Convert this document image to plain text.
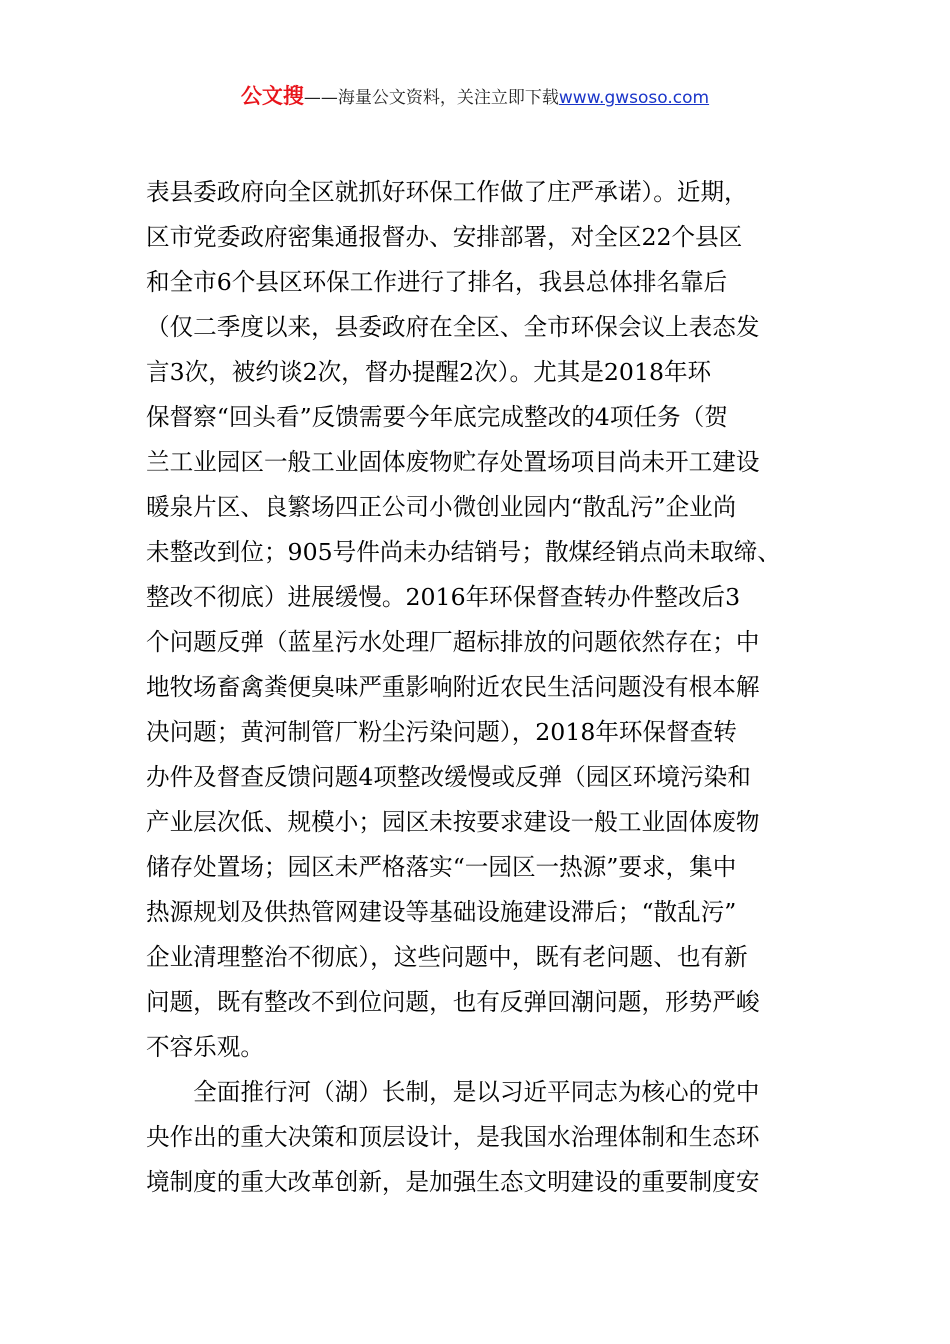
公文搜——海量公文资料，关注立即下载www.gwsoso.com
表县委政府向全区就抓好环保工作做了庄严承诺）。近期，
区市党委政府密集通报督办、安排部署，对全区22个县区
和全市6个县区环保工作进行了排名，我县总体排名靠后
（仅二季度以来，县委政府在全区、全市环保会议上表态发
言3次，被约谈2次，督办提醒2次）。尤其是2018年环
保督察“回头看”反馈需要今年底完成整改的4项任务（贺
兰工业园区一般工业固体废物贮存处置场项目尚未开工建设
暖泉片区、良繁场四正公司小微创业园内“散乱污”企业尚
未整改到位；905号件尚未办结销号；散煤经销点尚未取缔、
整改不彻底）进展缓慢。2016年环保督查转办件整改后3
个问题反弹（蓝星污水处理厂超标排放的问题依然存在；中
地牧场畜禽粪便臭味严重影响附近农民生活问题没有根本解
决问题；黄河制管厂粉尘污染问题），2018年环保督查转
办件及督查反馈问题4项整改缓慢或反弹（园区环境污染和
产业层次低、规模小；园区未按要求建设一般工业固体废物
储存处置场；园区未严格落实“一园区一热源”要求，集中
热源规划及供热管网建设等基础设施建设滞后；“散乱污”
企业清理整治不彻底），这些问题中，既有老问题、也有新
问题，既有整改不到位问题，也有反弹回潮问题，形势严峻
不容乐观。
　　全面推行河（湖）长制，是以习近平同志为核心的党中
央作出的重大决策和顶层设计，是我国水治理体制和生态环
境制度的重大改革创新，是加强生态文明建设的重要制度安
